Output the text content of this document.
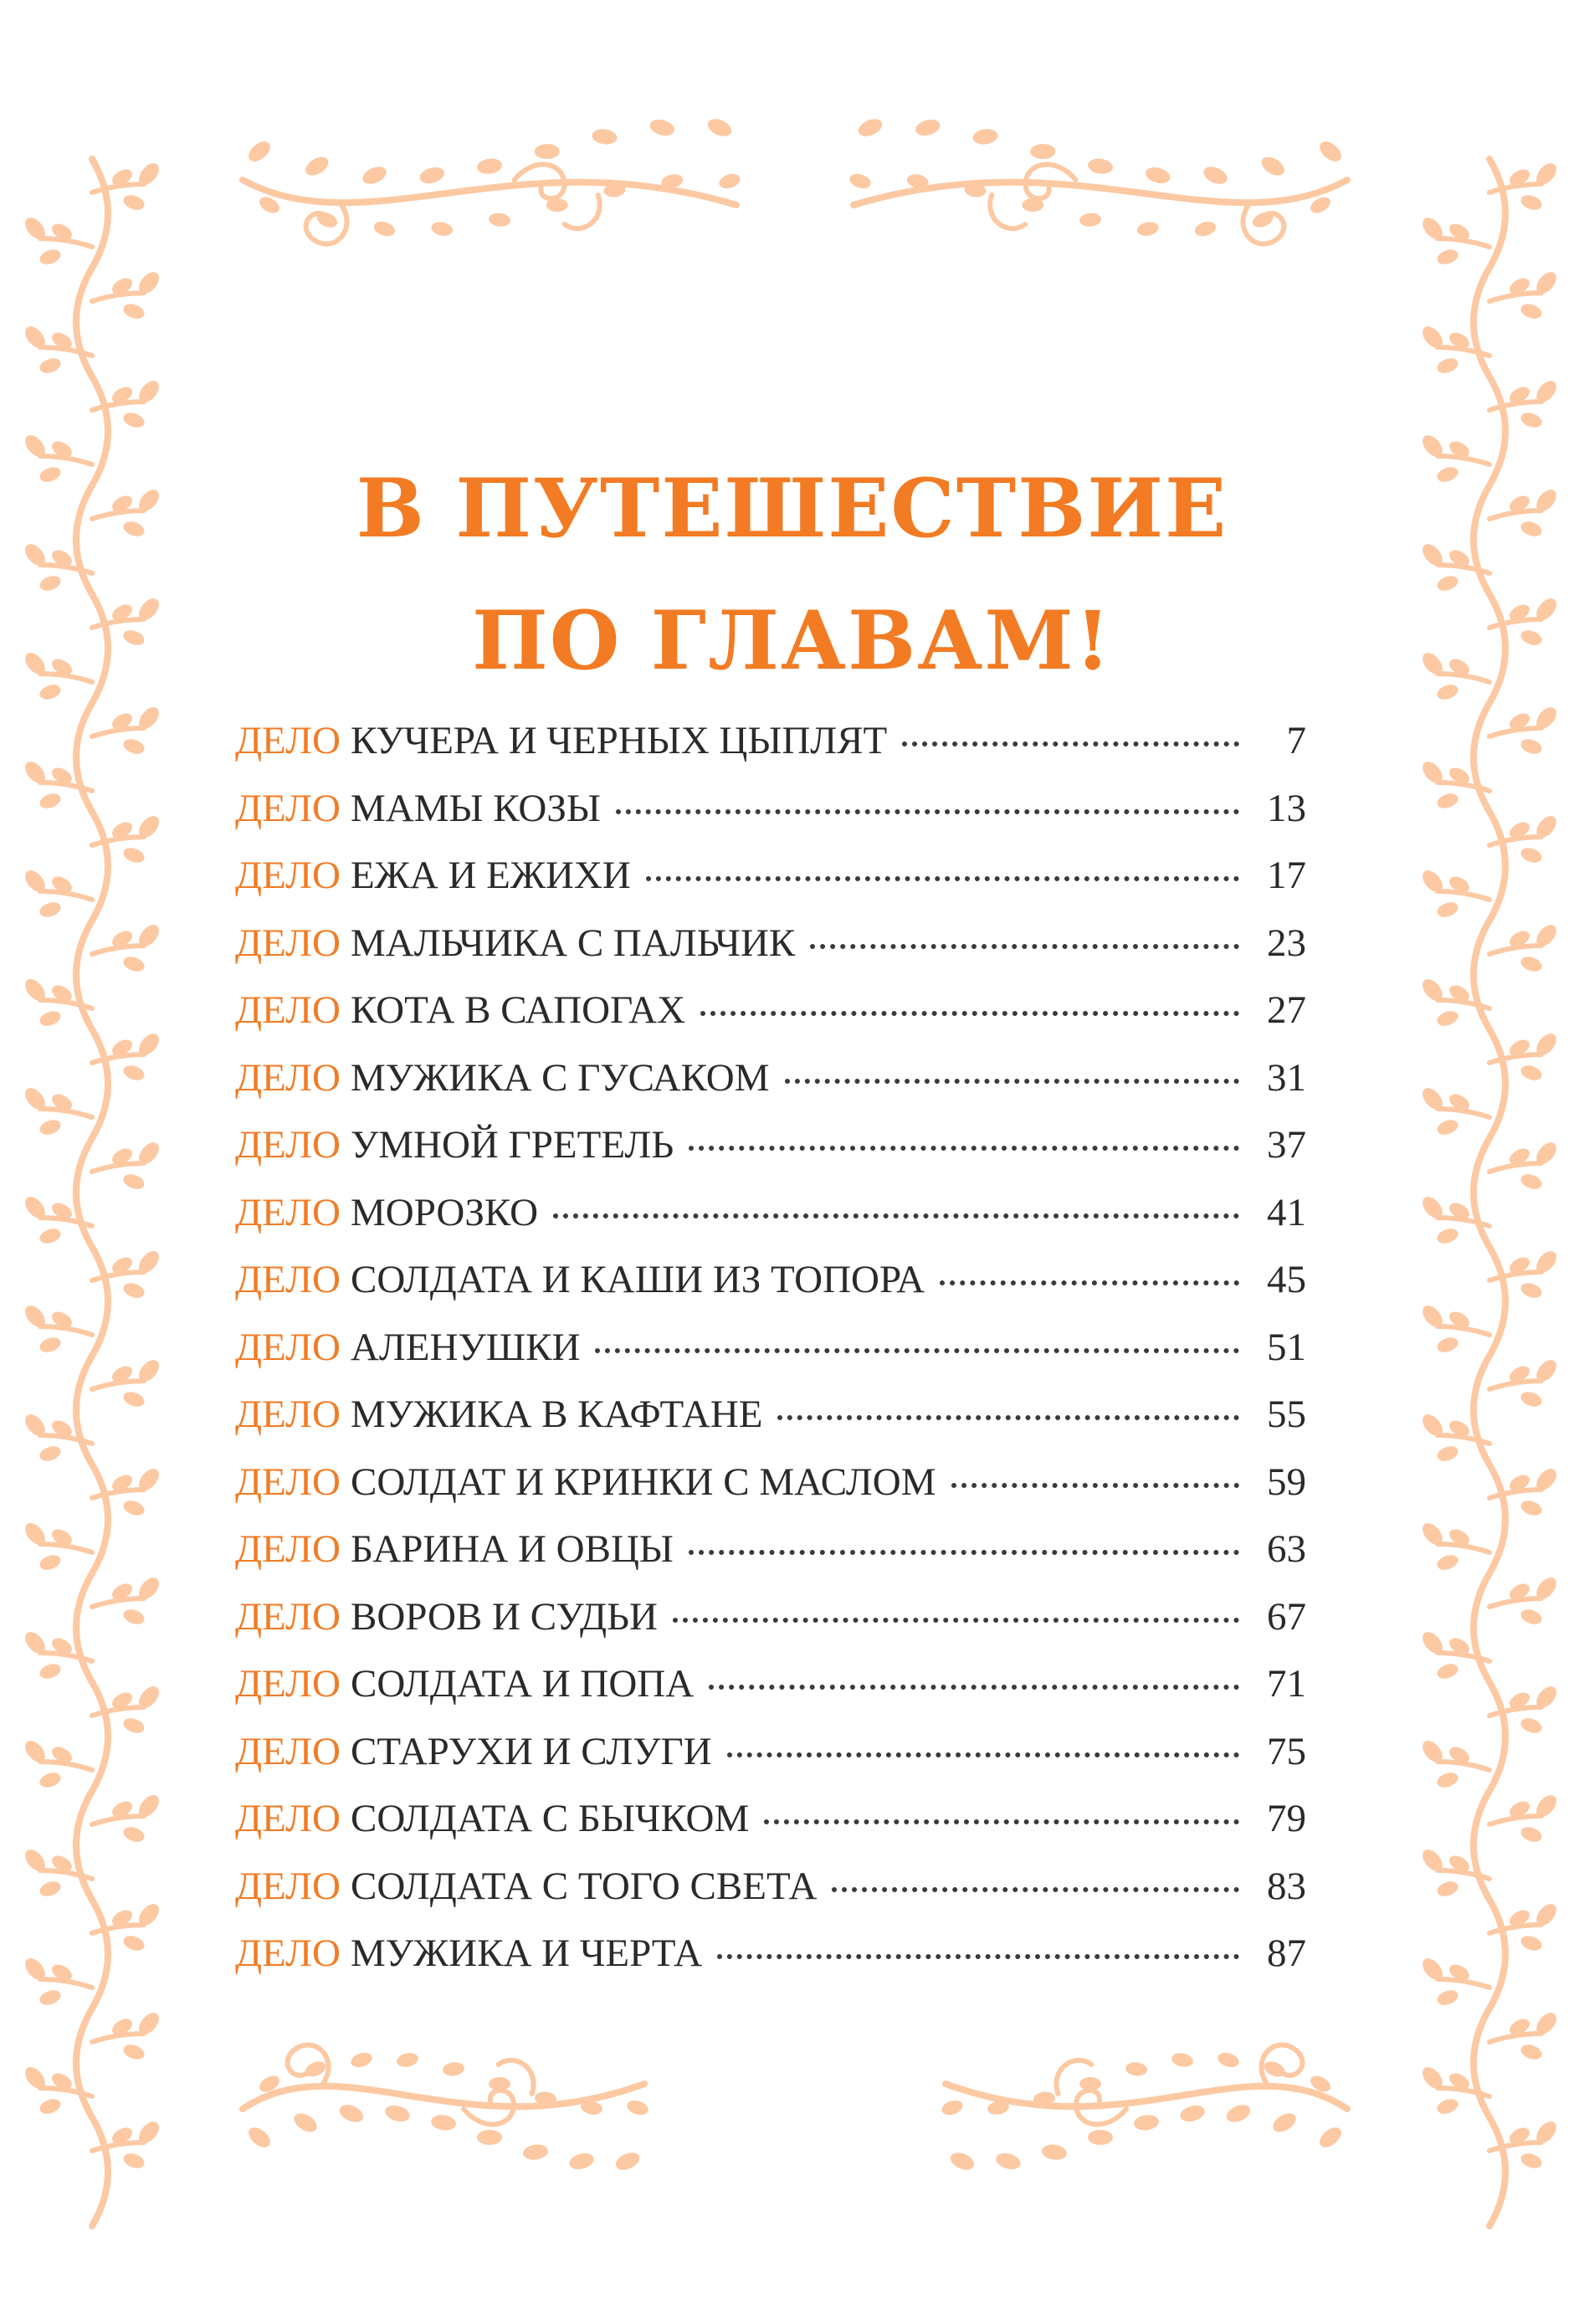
В ПУТЕШЕСТВИЕ
ПО ГЛАВАМ!
ДЕЛО КУЧЕРА И ЧЕРНЫХ ЦЫПЛЯТ	7
ДЕЛО МАМЫ КОЗЫ	13
ДЕЛО ЕЖА И ЕЖИХИ	17
ДЕЛО МАЛЬЧИКА С ПАЛЬЧИК	23
ДЕЛО КОТА В САПОГАХ	27
ДЕЛО МУЖИКА С ГУСАКОМ	31
ДЕЛО УМНОЙ ГРЕТЕЛЬ	37
ДЕЛО МОРОЗКО	41
ДЕЛО СОЛДАТА И КАШИ ИЗ ТОПОРА	45
ДЕЛО АЛЕНУШКИ	51
ДЕЛО МУЖИКА В КАФТАНЕ	55
ДЕЛО СОЛДАТ И КРИНКИ С МАСЛОМ	59
ДЕЛО БАРИНА И ОВЦЫ	63
ДЕЛО ВОРОВ И СУДЬИ	67
ДЕЛО СОЛДАТА И ПОПА	71
ДЕЛО СТАРУХИ И СЛУГИ	75
ДЕЛО СОЛДАТА С БЫЧКОМ	79
ДЕЛО СОЛДАТА С ТОГО СВЕТА	83
ДЕЛО МУЖИКА И ЧЕРТА	87
